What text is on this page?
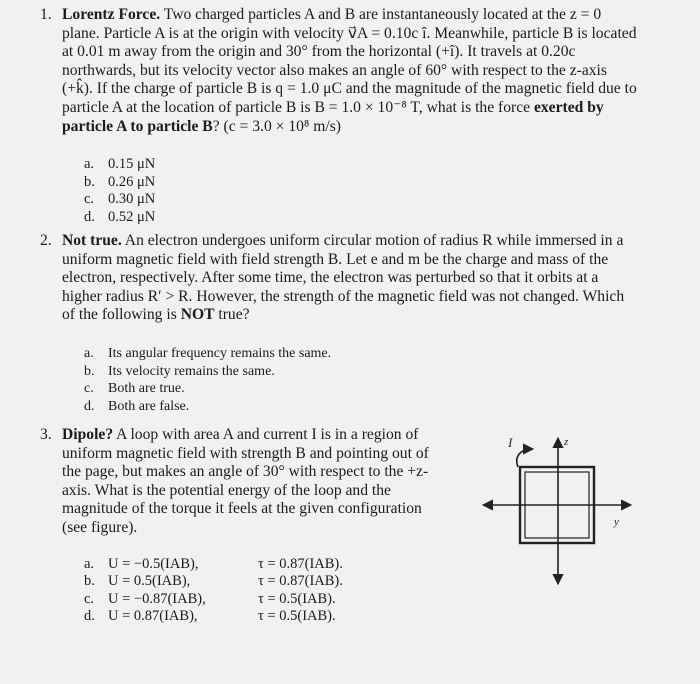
1. Lorentz Force. Two charged particles A and B are instantaneously located at the z = 0 plane. Particle A is at the origin with velocity v⃗A = 0.10c î. Meanwhile, particle B is located at 0.01 m away from the origin and 30° from the horizontal (+î). It travels at 0.20c northwards, but its velocity vector also makes an angle of 60° with respect to the z-axis (+k̂). If the charge of particle B is q = 1.0 μC and the magnitude of the magnetic field due to particle A at the location of particle B is B = 1.0 × 10⁻⁸ T, what is the force exerted by particle A to particle B? (c = 3.0 × 10⁸ m/s)
a. 0.15 μN
b. 0.26 μN
c. 0.30 μN
d. 0.52 μN
2. Not true. An electron undergoes uniform circular motion of radius R while immersed in a uniform magnetic field with field strength B. Let e and m be the charge and mass of the electron, respectively. After some time, the electron was perturbed so that it orbits at a higher radius R′ > R. However, the strength of the magnetic field was not changed. Which of the following is NOT true?
a.	Its angular frequency remains the same.
b. Its velocity remains the same.
c.	Both are true.
d. Both are false.
3. Dipole? A loop with area A and current I is in a region of uniform magnetic field with strength B and pointing out of the page, but makes an angle of 30° with respect to the +z-axis. What is the potential energy of the loop and the magnitude of the torque it feels at the given configuration (see figure).
a. U = −0.5(IAB),	τ = 0.87(IAB).
b. U = 0.5(IAB),	τ = 0.87(IAB).
c. U = −0.87(IAB),	τ = 0.5(IAB).
d. U = 0.87(IAB),	τ = 0.5(IAB).
I	z
y
